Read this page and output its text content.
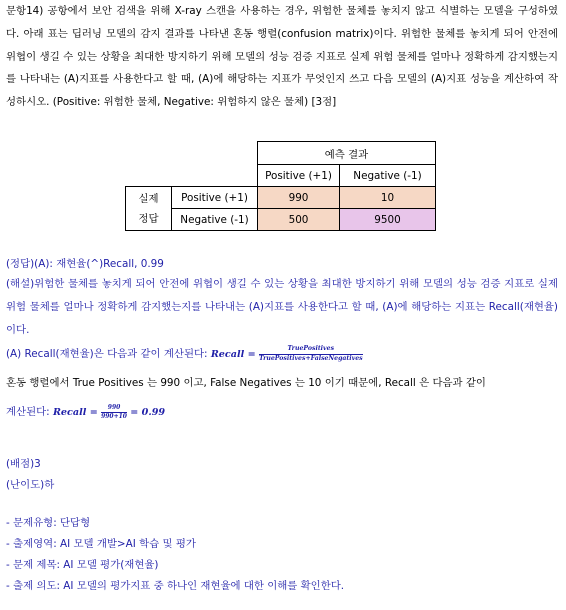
문항14) 공항에서 보안 검색을 위해 X-ray 스캔을 사용하는 경우, 위험한 물체를 놓치지 않고 식별하는 모델을 구성하였다. 아래 표는 딥러닝 모델의 감지 결과를 나타낸 혼동 행렬(confusion matrix)이다. 위험한 물체를 놓치게 되어 안전에 위협이 생길 수 있는 상황을 최대한 방지하기 위해 모델의 성능 검증 지표로 실제 위험 물체를 얼마나 정확하게 감지했는지를 나타내는 (A)지표를 사용한다고 할 때, (A)에 해당하는 지표가 무엇인지 쓰고 다음 모델의 (A)지표 성능을 계산하여 작성하시오. (Positive: 위험한 물체, Negative: 위험하지 않은 물체) [3점]

		예측 결과	
		Positive (+1)	Negative (-1)
실제
정답	Positive (+1)	990	10
	Negative (-1)	500	9500
(정답)(A): 재현율(^)Recall, 0.99

(해설)위험한 물체를 놓치게 되어 안전에 위협이 생길 수 있는 상황을 최대한 방지하기 위해 모델의 성능 검증 지표로 실제 위험 물체를 얼마나 정확하게 감지했는지를 나타내는 (A)지표를 사용한다고 할 때, (A)에 해당하는 지표는 Recall(재현율)이다.

(A) Recall(재현율)은 다음과 같이 계산된다: Recall = $\frac{\text{TruePositives}}{\text{TruePositives+FalseNegatives}}$
혼동 행렬에서 True Positives 는 990 이고, False Negatives 는 10 이기 때문에, Recall 은 다음과 같이
계산된다: Recall = $\frac{990}{990+10} = 0.99$
(배점)3
(난이도)하
- 문제유형: 단답형
- 출제영역: AI 모델 개발>AI 학습 및 평가
- 문제 제목: AI 모델 평가(재현율)
- 출제 의도: AI 모델의 평가지표 중 하나인 재현율에 대한 이해를 확인한다.
